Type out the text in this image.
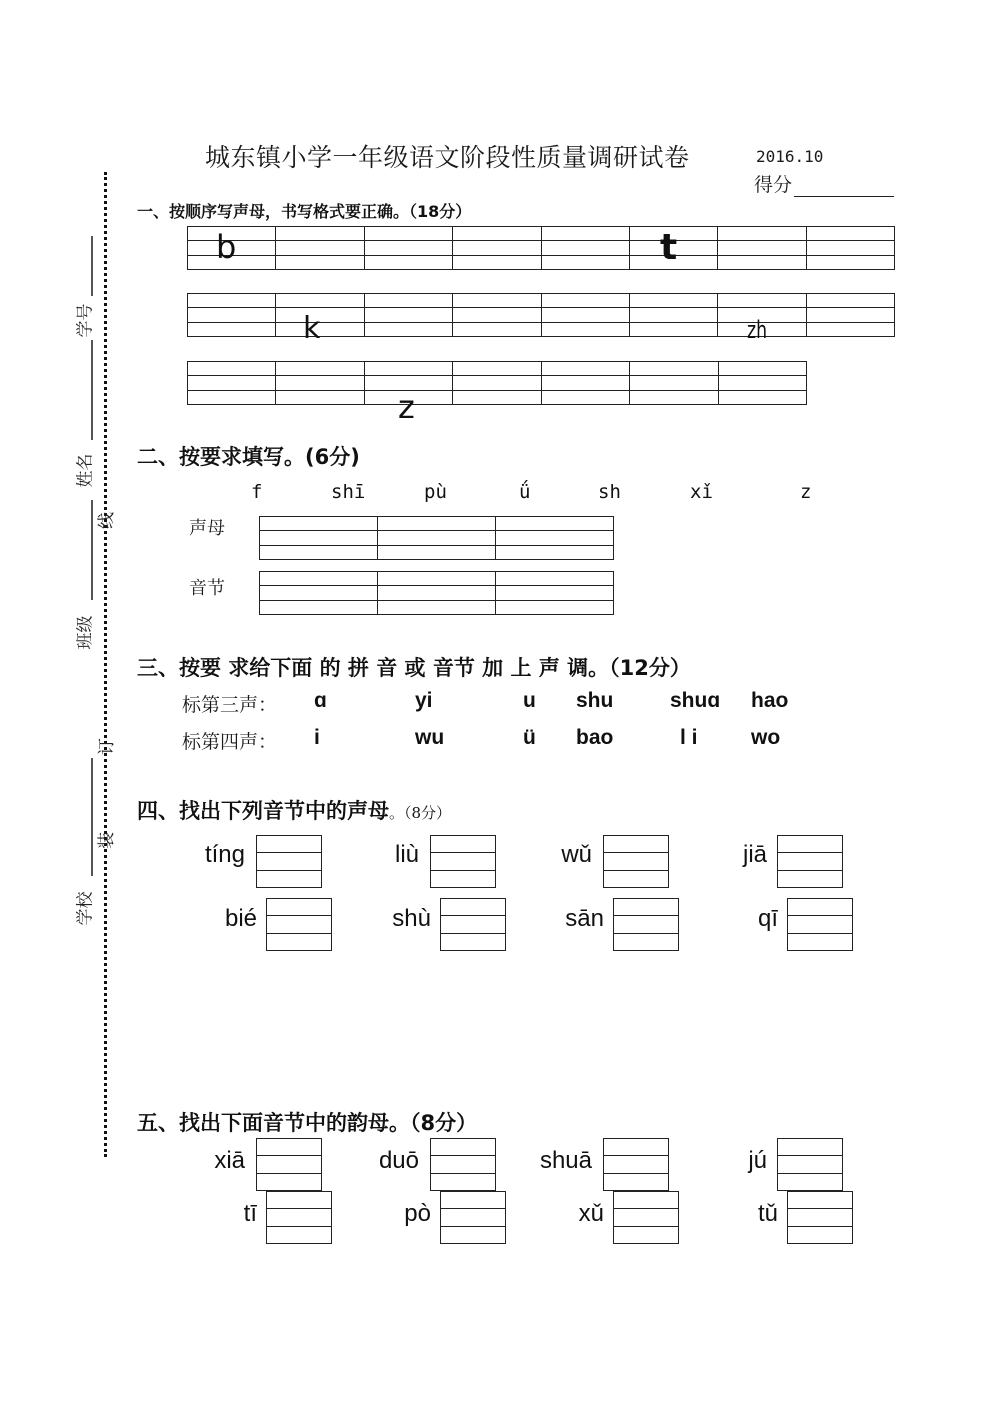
城东镇小学一年级语文阶段性质量调研试卷	2016.10
得分
学号
姓名
线
班级
订
装
学校
一、按顺序写声母，书写格式要正确。（18分）
b	t
k	zh
z
二、按要求填写。(6分)
f	shī	pù	ǘ	sh	xǐ	z
声母
音节
三、按要 求给下面 的 拼 音 或 音节 加 上 声 调。（12分）
标第三声： ɑ	yi	u shu	shuɑ hao
标第四声： i	wu	ü bao	l i	wo
四、找出下列音节中的声母。（8分）
tíng	liù	wǔ	jiā
bié	shù	sān	qī
五、找出下面音节中的韵母。（8分）
xiā	duō	shuā	jú
tī	pò	xǔ	tǔ
